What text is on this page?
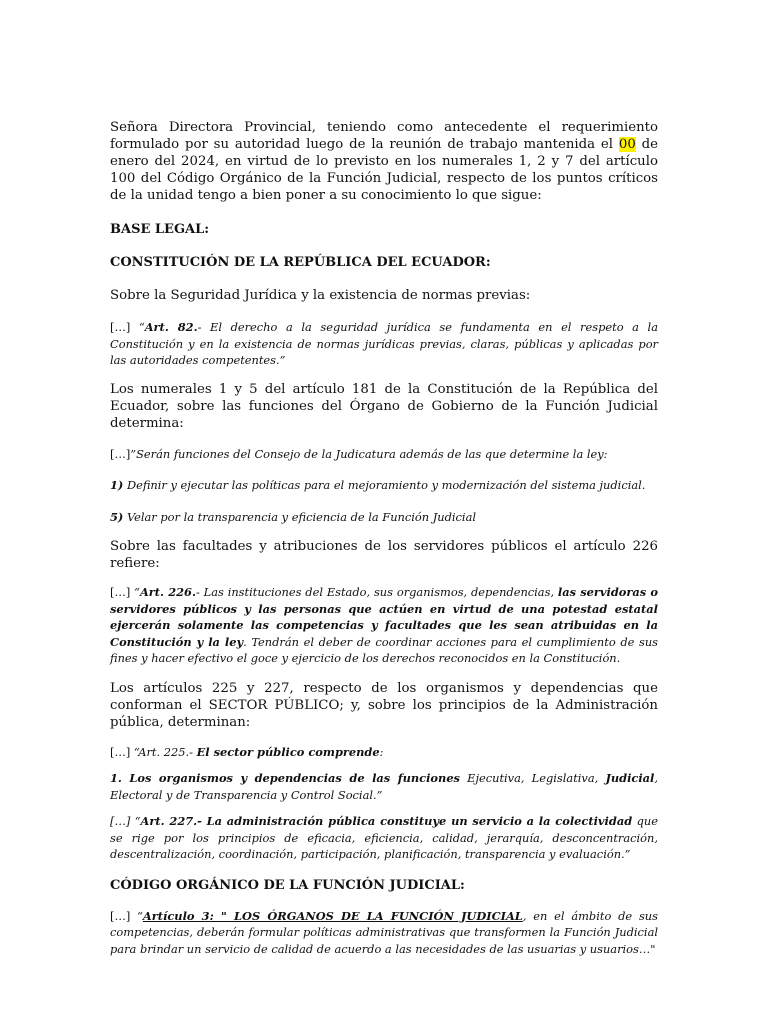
Señora Directora Provincial, teniendo como antecedente el requerimiento formulado por su autoridad luego de la reunión de trabajo mantenida el 00 de enero del 2024, en virtud de lo previsto en los numerales 1, 2 y 7 del artículo 100 del Código Orgánico de la Función Judicial, respecto de los puntos críticos de la unidad tengo a bien poner a su conocimiento lo que sigue:

BASE LEGAL:

CONSTITUCIÓN DE LA REPÚBLICA DEL ECUADOR:

Sobre la Seguridad Jurídica y la existencia de normas previas:

[…] “Art. 82.- El derecho a la seguridad jurídica se fundamenta en el respeto a la Constitución y en la existencia de normas jurídicas previas, claras, públicas y aplicadas por las autoridades competentes.”

Los numerales 1 y 5 del artículo 181 de la Constitución de la República del Ecuador, sobre las funciones del Órgano de Gobierno de la Función Judicial determina:

[…]”Serán funciones del Consejo de la Judicatura además de las que determine la ley:

1) Definir y ejecutar las políticas para el mejoramiento y modernización del sistema judicial.

5) Velar por la transparencia y eficiencia de la Función Judicial

Sobre las facultades y atribuciones de los servidores públicos el artículo 226 refiere:

[…] “Art. 226.- Las instituciones del Estado, sus organismos, dependencias, las servidoras o servidores públicos y las personas que actúen en virtud de una potestad estatal ejercerán solamente las competencias y facultades que les sean atribuidas en la Constitución y la ley. Tendrán el deber de coordinar acciones para el cumplimiento de sus fines y hacer efectivo el goce y ejercicio de los derechos reconocidos en la Constitución.

Los artículos 225 y 227, respecto de los organismos y dependencias que conforman el SECTOR PÚBLICO; y, sobre los principios de la Administración pública, determinan:

[…] “Art. 225.- El sector público comprende:

1. Los organismos y dependencias de las funciones Ejecutiva, Legislativa, Judicial, Electoral y de Transparencia y Control Social.”

[…] “Art. 227.- La administración pública constituye un servicio a la colectividad que se rige por los principios de eficacia, eficiencia, calidad, jerarquía, desconcentración, descentralización, coordinación, participación, planificación, transparencia y evaluación.”

CÓDIGO ORGÁNICO DE LA FUNCIÓN JUDICIAL:

[…] “Artículo 3: " LOS ÓRGANOS DE LA FUNCIÓN JUDICIAL, en el ámbito de sus competencias, deberán formular políticas administrativas que transformen la Función Judicial para brindar un servicio de calidad de acuerdo a las necesidades de las usuarias y usuarios…"
